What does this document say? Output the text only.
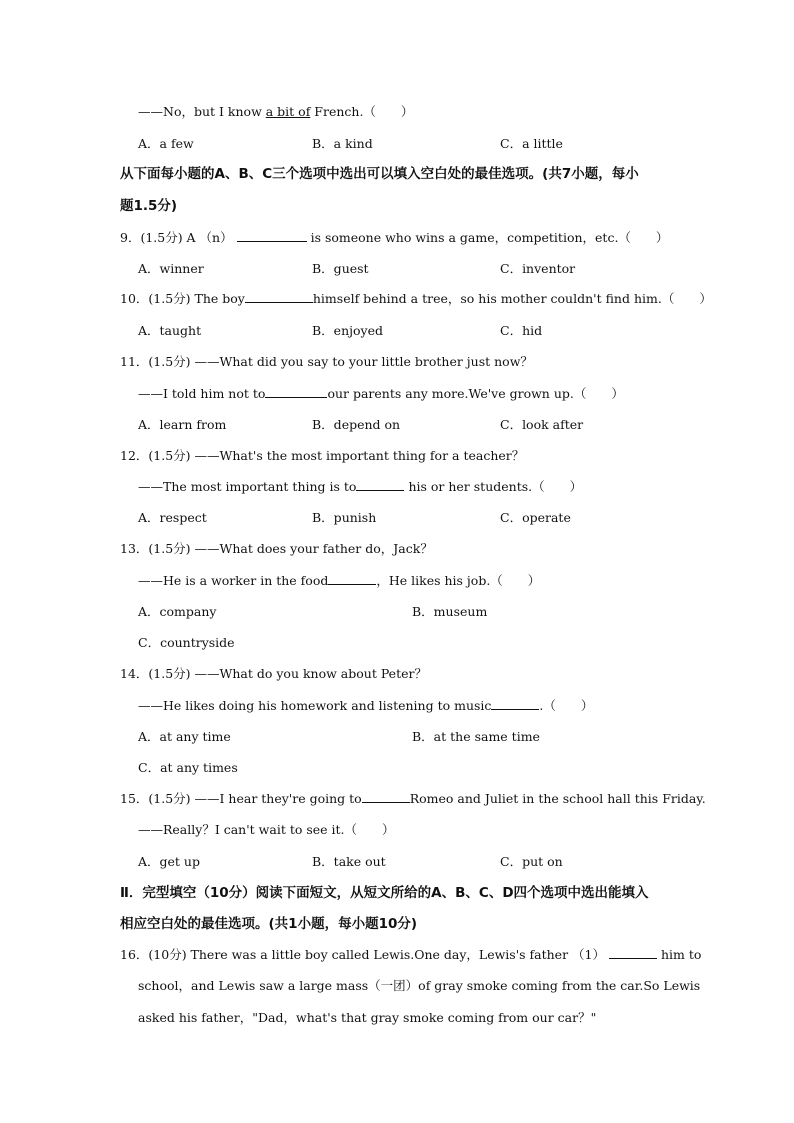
——No，but I know a bit of French.（　　）
A．a few	B．a kind	C．a little
从下面每小题的A、B、C三个选项中选出可以填入空白处的最佳选项。(共7小题，每小
题1.5分)
9．(1.5分) A （n）	is someone who wins a game，competition，etc.（　　）
A．winner	B．guest	C．inventor
10．(1.5分) The boy	himself behind a tree，so his mother couldn't find him.（　　）
A．taught	B．enjoyed	C．hid
11．(1.5分) ——What did you say to your little brother just now？
——I told him not to	our parents any more.We've grown up.（　　）
A．learn from	B．depend on	C．look after
12．(1.5分) ——What's the most important thing for a teacher？
——The most important thing is to	his or her students.（　　）
A．respect	B．punish	C．operate
13．(1.5分) ——What does your father do，Jack？
——He is a worker in the food	，He likes his job.（　　）
A．company	B．museum
C．countryside
14．(1.5分) ——What do you know about Peter？
——He likes doing his homework and listening to music	.（　　）
A．at any time	B．at the same time
C．at any times
15．(1.5分) ——I hear they're going to	Romeo and Juliet in the school hall this Friday.
——Really？I can't wait to see it.（　　）
A．get up	B．take out	C．put on
Ⅱ．完型填空（10分）阅读下面短文，从短文所给的A、B、C、D四个选项中选出能填入
相应空白处的最佳选项。(共1小题，每小题10分)
16．(10分) There was a little boy called Lewis.One day，Lewis's father （1）	him to
school，and Lewis saw a large mass（一团）of gray smoke coming from the car.So Lewis
asked his father，"Dad，what's that gray smoke coming from our car？"
